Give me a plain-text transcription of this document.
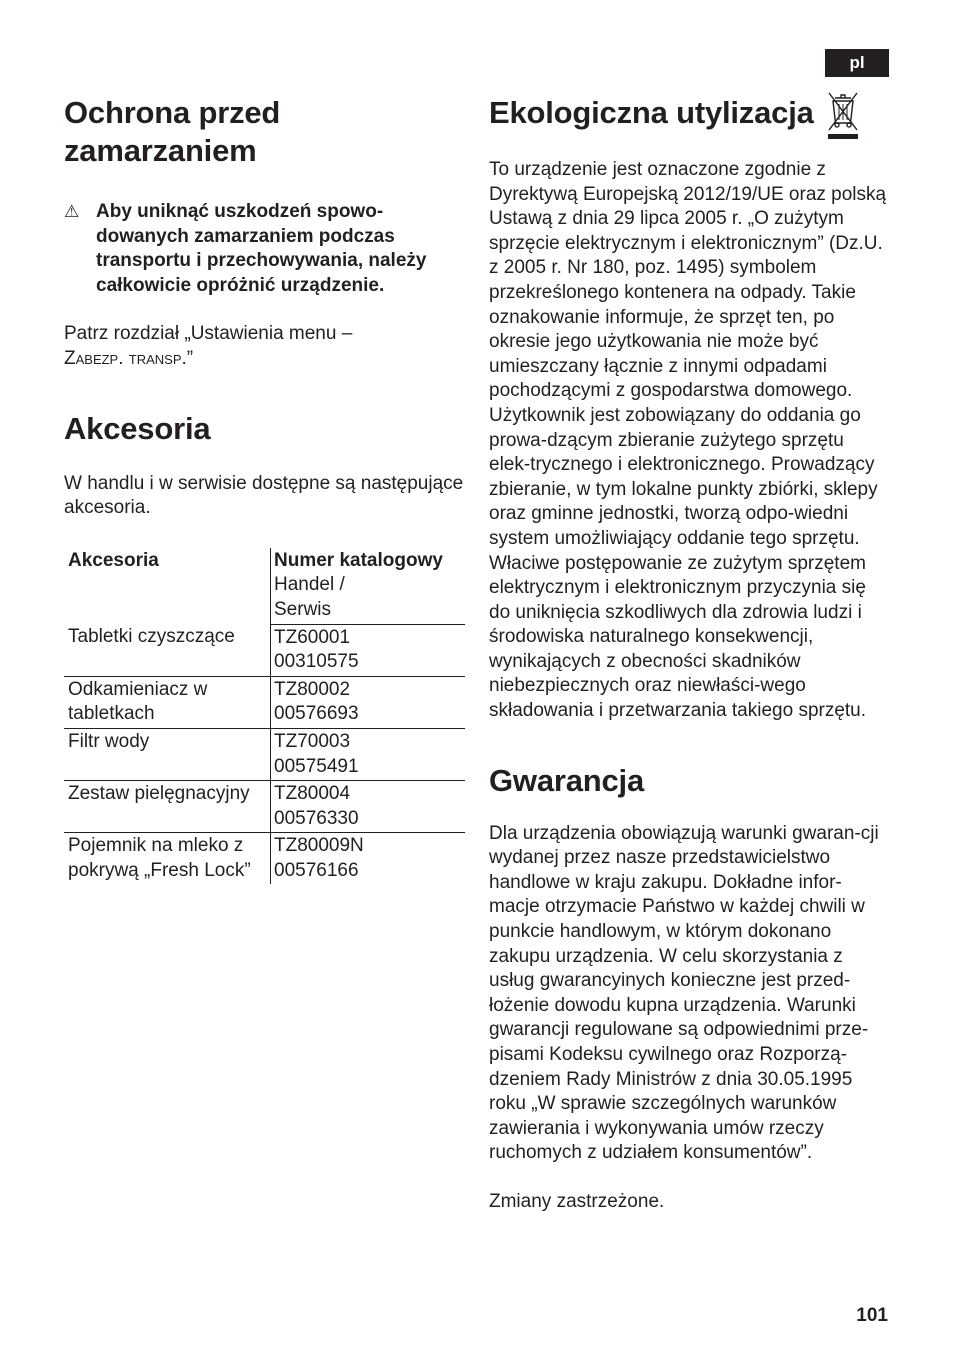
pl
Ochrona przed
zamarzaniem
⚠ Aby uniknąć uszkodzeń spowo-dowanych zamarzaniem podczas transportu i przechowywania, należy całkowicie opróżnić urządzenie.

Patrz rozdział „Ustawienia menu –
Zabezp. transp.”

Akcesoria

W handlu i w serwisie dostępne są następujące akcesoria.

Akcesoria	Numer katalogowy
Handel /
Serwis
Tabletki czyszczące	TZ60001
00310575
Odkamieniacz w
tabletkach	TZ80002
00576693
Filtr wody	TZ70003
00575491
Zestaw pielęgnacyjny	TZ80004
00576330
Pojemnik na mleko z
pokrywą „Fresh Lock”	TZ80009N
00576166
Ekologiczna utylizacja

To urządzenie jest oznaczone zgodnie z Dyrektywą Europejską 2012/19/UE oraz polską Ustawą z dnia 29 lipca 2005 r. „O zużytym sprzęcie elektrycznym i elektronicznym” (Dz.U. z 2005 r. Nr 180, poz. 1495) symbolem przekreślonego kontenera na odpady. Takie oznakowanie informuje, że sprzęt ten, po okresie jego użytkowania nie może być umieszczany łącznie z innymi odpadami pochodzącymi z gospodarstwa domowego. Użytkownik jest zobowiązany do oddania go prowa-dzącym zbieranie zużytego sprzętu elek-trycznego i elektronicznego. Prowadzący zbieranie, w tym lokalne punkty zbiórki, sklepy oraz gminne jednostki, tworzą odpo-wiedni system umożliwiający oddanie tego sprzętu. Właciwe postępowanie ze zużytym sprzętem elektrycznym i elektronicznym przyczynia się do uniknięcia szkodliwych dla zdrowia ludzi i środowiska naturalnego konsekwencji, wynikających z obecności skadników niebezpiecznych oraz niewłaści-wego składowania i przetwarzania takiego sprzętu.

Gwarancja

Dla urządzenia obowiązują warunki gwaran-cji wydanej przez nasze przedstawicielstwo handlowe w kraju zakupu. Dokładne infor-macje otrzymacie Państwo w każdej chwili w punkcie handlowym, w którym dokonano zakupu urządzenia. W celu skorzystania z usług gwarancyinych konieczne jest przed-łożenie dowodu kupna urządzenia. Warunki gwarancji regulowane są odpowiednimi prze-pisami Kodeksu cywilnego oraz Rozporzą-dzeniem Rady Ministrów z dnia 30.05.1995 roku „W sprawie szczególnych warunków zawierania i wykonywania umów rzeczy ruchomych z udziałem konsumentów”.

Zmiany zastrzeżone.

101
